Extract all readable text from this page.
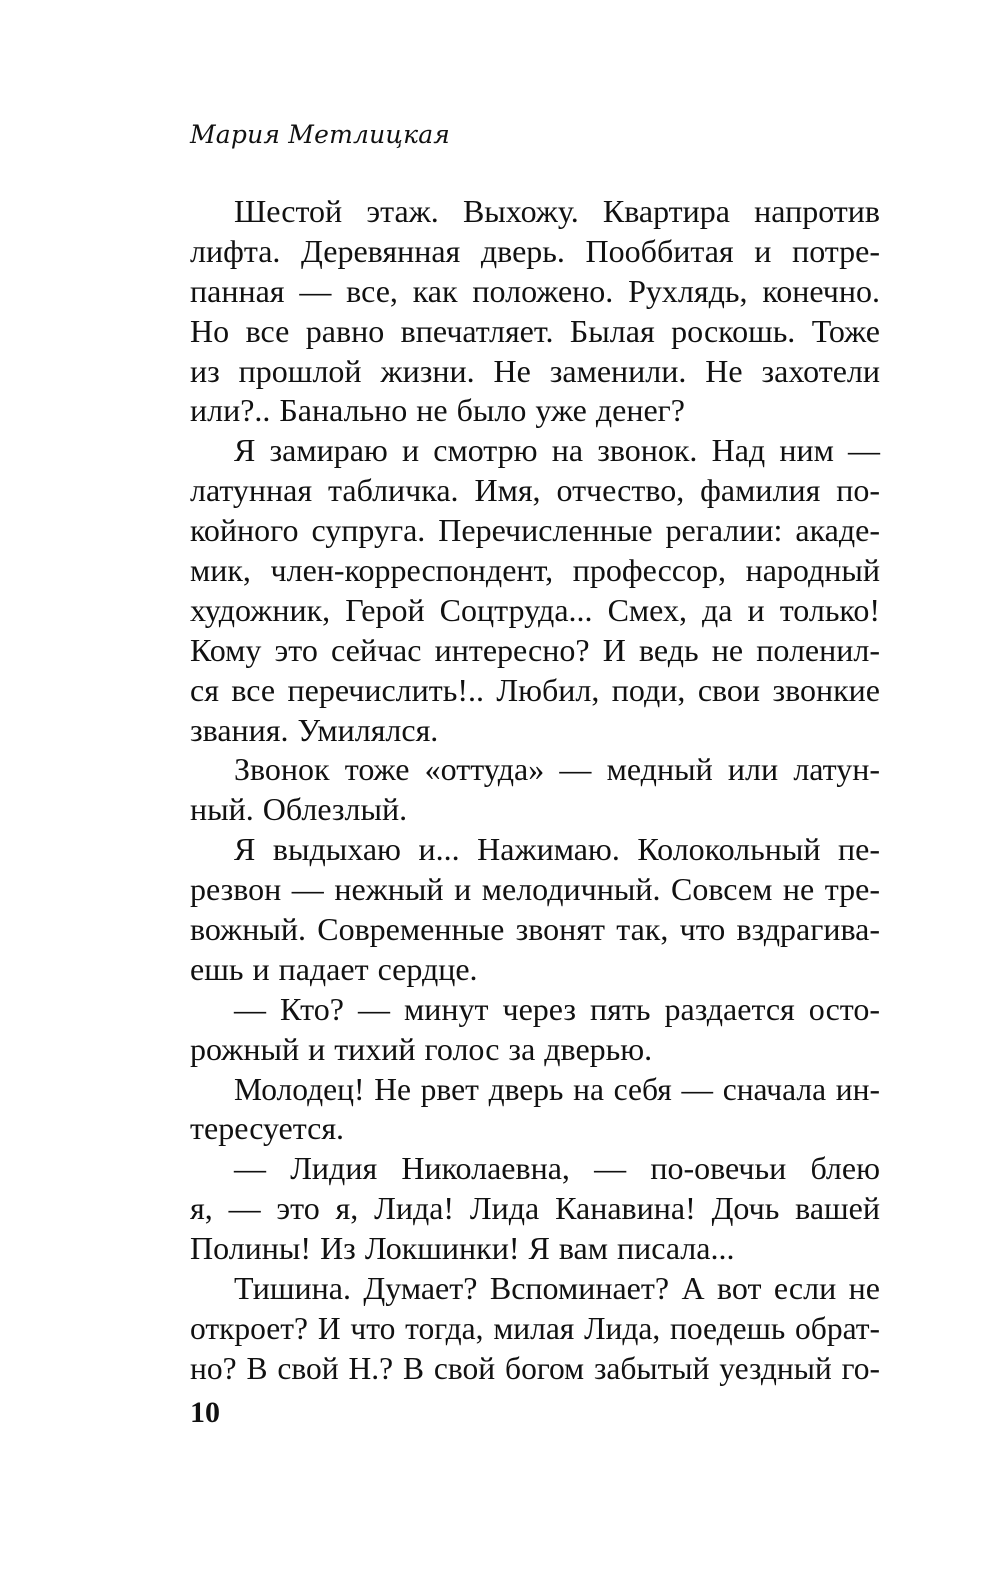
Мария Метлицкая
Шестой этаж. Выхожу. Квартира напротив
лифта. Деревянная дверь. Пооббитая и потре-
панная — все, как положено. Рухлядь, конечно.
Но все равно впечатляет. Былая роскошь. Тоже
из прошлой жизни. Не заменили. Не захотели
или?.. Банально не было уже денег?
Я замираю и смотрю на звонок. Над ним —
латунная табличка. Имя, отчество, фамилия по-
койного супруга. Перечисленные регалии: акаде-
мик, член-корреспондент, профессор, народный
художник, Герой Соцтруда... Смех, да и только!
Кому это сейчас интересно? И ведь не поленил-
ся все перечислить!.. Любил, поди, свои звонкие
звания. Умилялся.
Звонок тоже «оттуда» — медный или латун-
ный. Облезлый.
Я выдыхаю и... Нажимаю. Колокольный пе-
резвон — нежный и мелодичный. Совсем не тре-
вожный. Современные звонят так, что вздрагива-
ешь и падает сердце.
— Кто? — минут через пять раздается осто-
рожный и тихий голос за дверью.
Молодец! Не рвет дверь на себя — сначала ин-
тересуется.
— Лидия Николаевна, — по-овечьи блею
я, — это я, Лида! Лида Канавина! Дочь вашей
Полины! Из Локшинки! Я вам писала...
Тишина. Думает? Вспоминает? А вот если не
откроет? И что тогда, милая Лида, поедешь обрат-
но? В свой Н.? В свой богом забытый уездный го-
10
